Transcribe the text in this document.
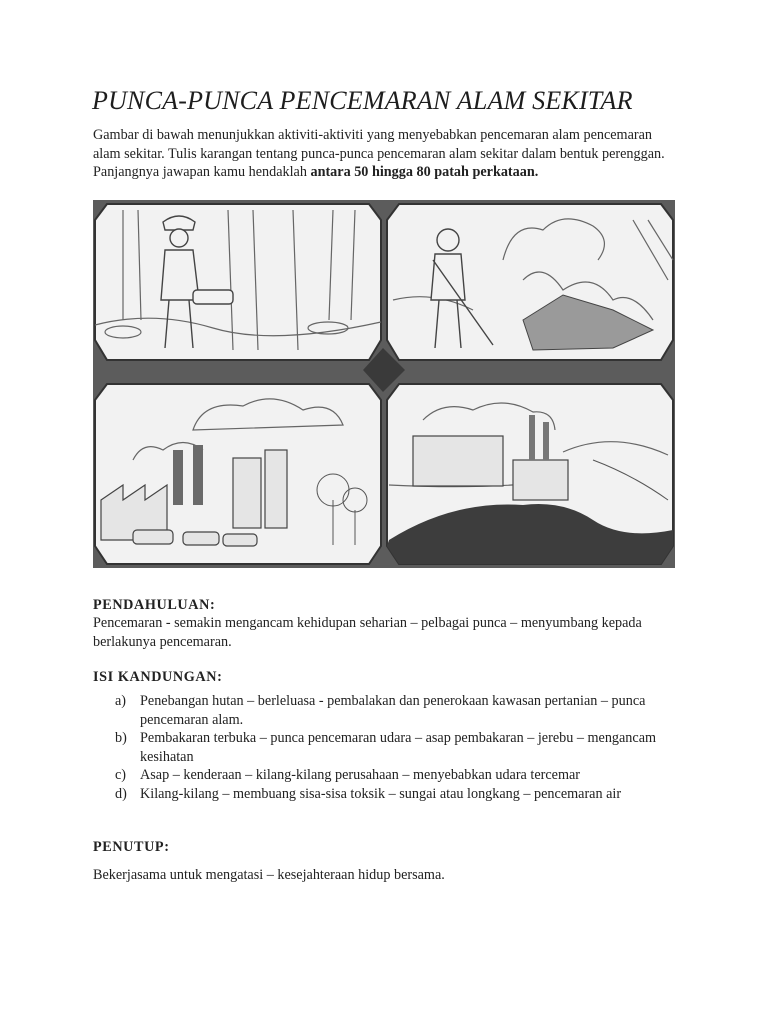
PUNCA-PUNCA PENCEMARAN ALAM SEKITAR

Gambar di bawah menunjukkan aktiviti-aktiviti yang menyebabkan pencemaran alam pencemaran alam sekitar. Tulis karangan tentang punca-punca pencemaran alam sekitar dalam bentuk perenggan. Panjangnya jawapan kamu hendaklah antara 50 hingga 80 patah perkataan.

PENDAHULUAN:

Pencemaran - semakin mengancam kehidupan seharian – pelbagai punca – menyumbang kepada berlakunya pencemaran.

ISI KANDUNGAN:
a) Penebangan hutan – berleluasa - pembalakan dan penerokaan kawasan pertanian – punca pencemaran alam.
b) Pembakaran terbuka – punca pencemaran udara – asap pembakaran – jerebu – mengancam kesihatan
c) Asap – kenderaan – kilang-kilang perusahaan – menyebabkan udara tercemar
d) Kilang-kilang – membuang sisa-sisa toksik – sungai atau longkang – pencemaran air
PENUTUP:

Bekerjasama untuk mengatasi – kesejahteraan hidup bersama.
